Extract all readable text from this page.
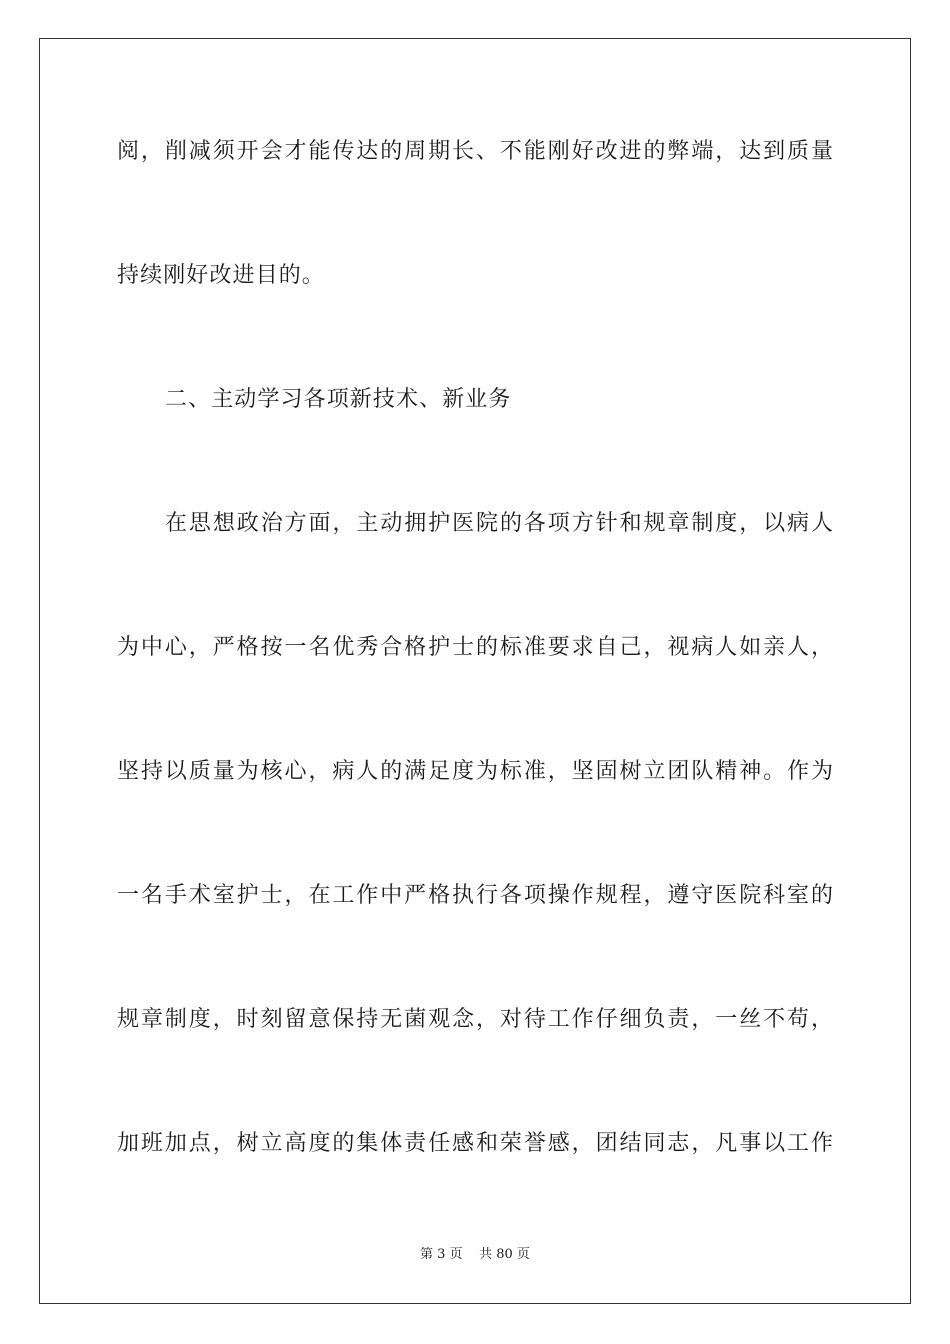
阅，削减须开会才能传达的周期长、不能刚好改进的弊端，达到质量
持续刚好改进目的。
二、主动学习各项新技术、新业务
在思想政治方面，主动拥护医院的各项方针和规章制度，以病人
为中心，严格按一名优秀合格护士的标准要求自己，视病人如亲人，
坚持以质量为核心，病人的满足度为标准，坚固树立团队精神。作为
一名手术室护士，在工作中严格执行各项操作规程，遵守医院科室的
规章制度，时刻留意保持无菌观念，对待工作仔细负责，一丝不苟，
加班加点，树立高度的集体责任感和荣誉感，团结同志，凡事以工作
第 3 页 共 80 页
